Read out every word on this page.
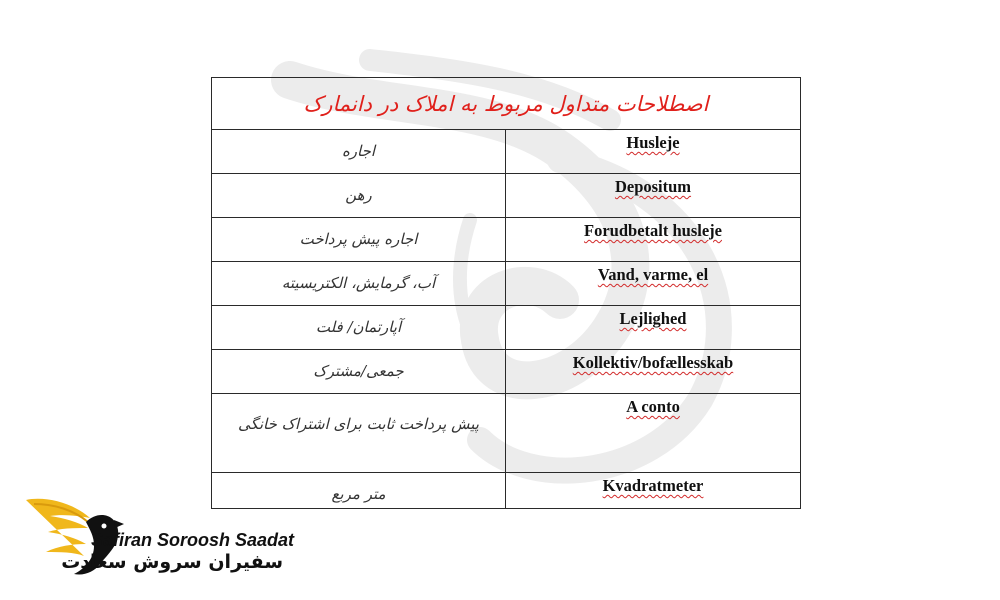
اصطلاحات متداول مربوط به املاک در دانمارک	
اجاره	Husleje
رهن	Depositum
اجاره پیش پرداخت	Forudbetalt husleje
آب، گرمایش، الکتریسیته	Vand, varme, el
آپارتمان/ فلت	Lejlighed
جمعی/مشترک	Kollektiv/bofællesskab
پیش پرداخت ثابت برای اشتراک خانگی	A conto
متر مربع	Kvadratmeter
Safiran Soroosh Saadat
سفیران سروش سعادت
